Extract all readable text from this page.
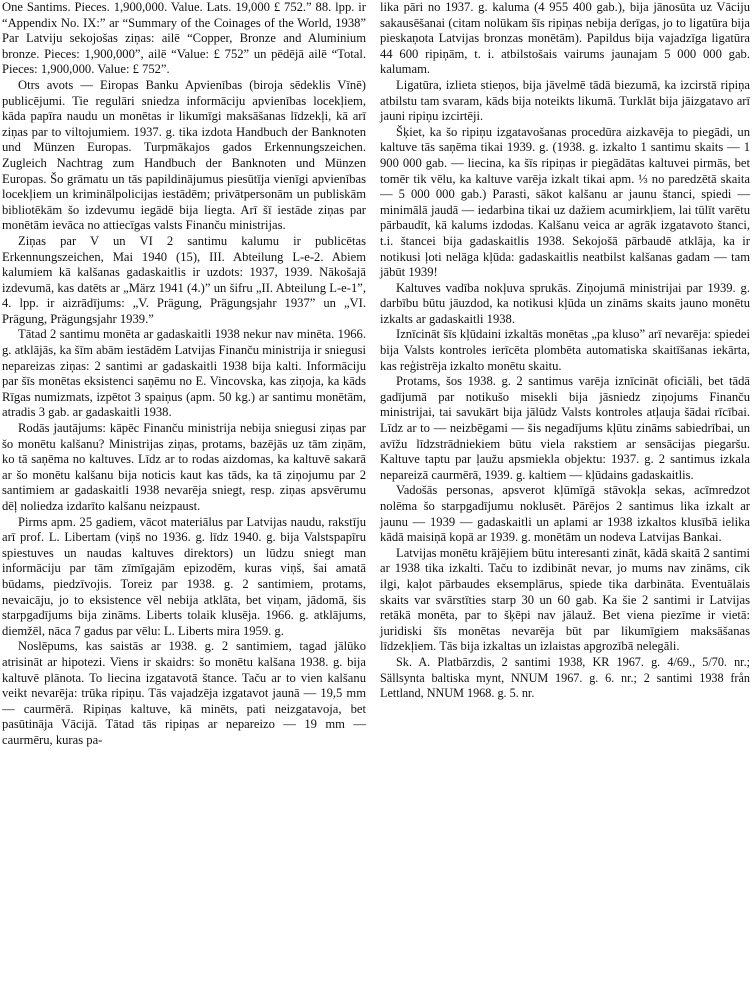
One Santims. Pieces. 1,900,000. Value. Lats. 19,000 £ 752.” 88. lpp. ir “Appendix No. IX:” ar “Summary of the Coinages of the World, 1938” Par Latviju sekojošas ziņas: ailē “Copper, Bronze and Aluminium bronze. Pieces: 1,900,000”, ailē “Value: £ 752” un pēdējā ailē “Total. Pieces: 1,900,000. Value: £ 752”.

Otrs avots — Eiropas Banku Apvienības (biroja sēdeklis Vīnē) publicējumi. Tie regulāri sniedza informāciju apvienības locekļiem, kāda papīra naudu un monētas ir likumīgi maksāšanas līdzekļi, kā arī ziņas par to viltojumiem. 1937. g. tika izdota Handbuch der Banknoten und Münzen Europas. Turpmākajos gados Erkennungszeichen. Zugleich Nachtrag zum Handbuch der Banknoten und Münzen Europas. Šo grāmatu un tās papildinājumus piesūtīja vienīgi apvienības locekļiem un kriminālpolicijas iestādēm; privātpersonām un publiskām bibliotēkām šo izdevumu iegādē bija liegta. Arī šī iestāde ziņas par monētām ievāca no attiecīgas valsts Finanču ministrijas.

Ziņas par V un VI 2 santimu kalumu ir publicētas Erkennungszeichen, Mai 1940 (15), III. Abteilung L-e-2. Abiem kalumiem kā kalšanas gadaskaitlis ir uzdots: 1937, 1939. Nākošajā izdevumā, kas datēts ar „März 1941 (4.)” un šifru „II. Abteilung L-e-1”, 4. lpp. ir aizrādījums: „V. Prägung, Prägungsjahr 1937” un „VI. Prägung, Prägungsjahr 1939.”

Tātad 2 santimu monēta ar gadaskaitli 1938 nekur nav minēta. 1966. g. atklājās, ka šīm abām iestādēm Latvijas Finanču ministrija ir sniegusi nepareizas ziņas: 2 santimi ar gadaskaitli 1938 bija kalti. Informāciju par šīs monētas eksistenci saņēmu no E. Vincovska, kas ziņoja, ka kāds Rīgas numizmats, izpētot 3 spaiņus (apm. 50 kg.) ar santimu monētām, atradis 3 gab. ar gadaskaitli 1938.

Rodās jautājums: kāpēc Finanču ministrija nebija sniegusi ziņas par šo monētu kalšanu? Ministrijas ziņas, protams, bazējās uz tām ziņām, ko tā saņēma no kaltuves. Līdz ar to rodas aizdomas, ka kaltuvē sakarā ar šo monētu kalšanu bija noticis kaut kas tāds, ka tā ziņojumu par 2 santimiem ar gadaskaitli 1938 nevarēja sniegt, resp. ziņas apsvērumu dēļ noliedza izdarīto kalšanu neizpaust.

Pirms apm. 25 gadiem, vācot materiālus par Latvijas naudu, rakstīju arī prof. L. Libertam (viņš no 1936. g. līdz 1940. g. bija Valstspapīru spiestuves un naudas kaltuves direktors) un lūdzu sniegt man informāciju par tām zīmīgajām epizodēm, kuras viņš, šai amatā būdams, piedzīvojis. Toreiz par 1938. g. 2 santimiem, protams, nevaicāju, jo to eksistence vēl nebija atklāta, bet viņam, jādomā, šis starpgadījums bija zināms. Liberts tolaik klusēja. 1966. g. atklājums, diemžēl, nāca 7 gadus par vēlu: L. Liberts mira 1959. g.

Noslēpums, kas saistās ar 1938. g. 2 santimiem, tagad jālūko atrisināt ar hipotezi. Viens ir skaidrs: šo monētu kalšana 1938. g. bija kaltuvē plānota. To liecina izgatavotā štance. Taču ar to vien kalšanu veikt nevarēja: trūka ripiņu. Tās vajadzēja izgatavot jaunā — 19,5 mm — caurmērā. Ripiņas kaltuve, kā minēts, pati neizgatavoja, bet pasūtināja Vācijā. Tātad tās ripiņas ar nepareizo — 19 mm — caurmēru, kuras pa-

lika pāri no 1937. g. kaluma (4 955 400 gab.), bija jānosūta uz Vāciju sakausēšanai (citam nolūkam šīs ripiņas nebija derīgas, jo to ligatūra bija pieskaņota Latvijas bronzas monētām). Papildus bija vajadzīga ligatūra 44 600 ripiņām, t. i. atbilstošais vairums jaunajam 5 000 000 gab. kalumam.

Ligatūra, izlieta stieņos, bija jāvelmē tādā biezumā, ka izcirstā ripiņa atbilstu tam svaram, kāds bija noteikts likumā. Turklāt bija jāizgatavo arī jauni ripiņu izcirtēji.

Šķiet, ka šo ripiņu izgatavošanas procedūra aizkavēja to piegādi, un kaltuve tās saņēma tikai 1939. g. (1938. g. izkalto 1 santimu skaits — 1 900 000 gab. — liecina, ka šīs ripiņas ir piegādātas kaltuvei pirmās, bet tomēr tik vēlu, ka kaltuve varēja izkalt tikai apm. ⅓ no paredzētā skaita — 5 000 000 gab.) Parasti, sākot kalšanu ar jaunu štanci, spiedi — minimālā jaudā — iedarbina tikai uz dažiem acumirkļiem, lai tūlīt varētu pārbaudīt, kā kalums izdodas. Kalšanu veica ar agrāk izgatavoto štanci, t.i. štancei bija gadaskaitlis 1938. Sekojošā pārbaudē atklāja, ka ir notikusi ļoti nelāga kļūda: gadaskaitlis neatbilst kalšanas gadam — tam jābūt 1939!

Kaltuves vadība nokļuva sprukās. Ziņojumā ministrijai par 1939. g. darbību būtu jāuzdod, ka notikusi kļūda un zināms skaits jauno monētu izkalts ar gadaskaitli 1938.

Iznīcināt šīs kļūdaini izkaltās monētas „pa kluso” arī nevarēja: spiedei bija Valsts kontroles ierīcēta plombēta automatiska skaitīšanas iekārta, kas reģistrēja izkalto monētu skaitu.

Protams, šos 1938. g. 2 santimus varēja iznīcināt oficiāli, bet tādā gadījumā par notikušo misekli bija jāsniedz ziņojums Finanču ministrijai, tai savukārt bija jālūdz Valsts kontroles atļauja šādai rīcībai. Līdz ar to — neizbēgami — šis negadījums kļūtu zināms sabiedrībai, un avīžu līdzstrādniekiem būtu viela rakstiem ar sensācijas piegaršu. Kaltuve taptu par ļaužu apsmiekla objektu: 1937. g. 2 santimus izkala nepareizā caurmērā, 1939. g. kaltiem — kļūdains gadaskaitlis.

Vadošās personas, apsverot kļūmīgā stāvokļa sekas, acīmredzot nolēma šo starpgadījumu noklusēt. Pārējos 2 santimus lika izkalt ar jaunu — 1939 — gadaskaitli un aplami ar 1938 izkaltos klusībā ielika kādā maisiņā kopā ar 1939. g. monētām un nodeva Latvijas Bankai.

Latvijas monētu krājējiem būtu interesanti zināt, kādā skaitā 2 santimi ar 1938 tika izkalti. Taču to izdibināt nevar, jo mums nav zināms, cik ilgi, kaļot pārbaudes eksemplārus, spiede tika darbināta. Eventuālais skaits var svārstīties starp 30 un 60 gab. Ka šie 2 santimi ir Latvijas retākā monēta, par to šķēpi nav jālauž. Bet viena piezīme ir vietā: juridiski šīs monētas nevarēja būt par likumīgiem maksāšanas līdzekļiem. Tās bija izkaltas un izlaistas apgrozībā nelegāli.

Sk. A. Platbārzdis, 2 santimi 1938, KR 1967. g. 4/69., 5/70. nr.; Sällsynta baltiska mynt, NNUM 1967. g. 6. nr.; 2 santimi 1938 från Lettland, NNUM 1968. g. 5. nr.
